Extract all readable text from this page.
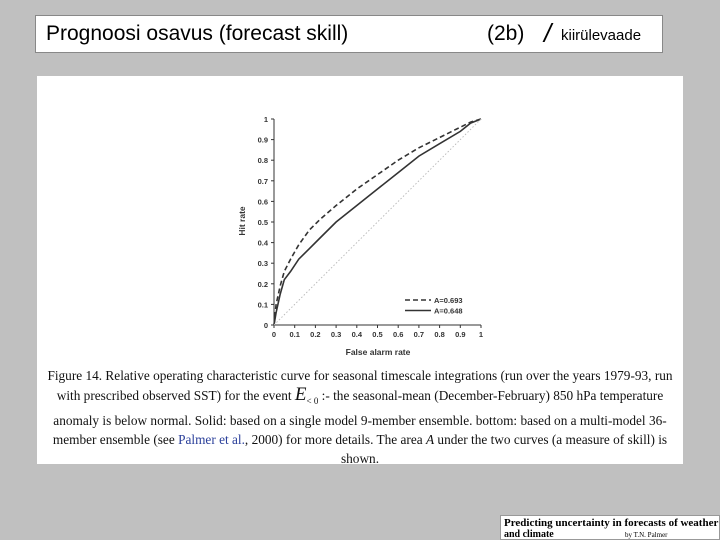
Prognoosi osavus (forecast skill)	(2b) / kiirülevaade
0 0.1 0.2 0.3 0.4 0.5 0.6 0.7 0.8 0.9 1
0
0.1
0.2
0.3
0.4
0.5
0.6
0.7
0.8
0.9
1
A=0.693
A=0.648
False alarm rate
Hit rate
Figure 14. Relative operating characteristic curve for seasonal timescale integrations (run over the years 1979-93, run with prescribed observed SST) for the event $E_{< 0}$ :- the seasonal-mean (December-February) 850 hPa temperature anomaly is below normal. Solid: based on a single model 9-member ensemble. bottom: based on a multi-model 36-member ensemble (see Palmer et al., 2000) for more details. The area A under the two curves (a measure of skill) is shown.
Predicting uncertainty in forecasts of weather
and climate	by T.N. Palmer
